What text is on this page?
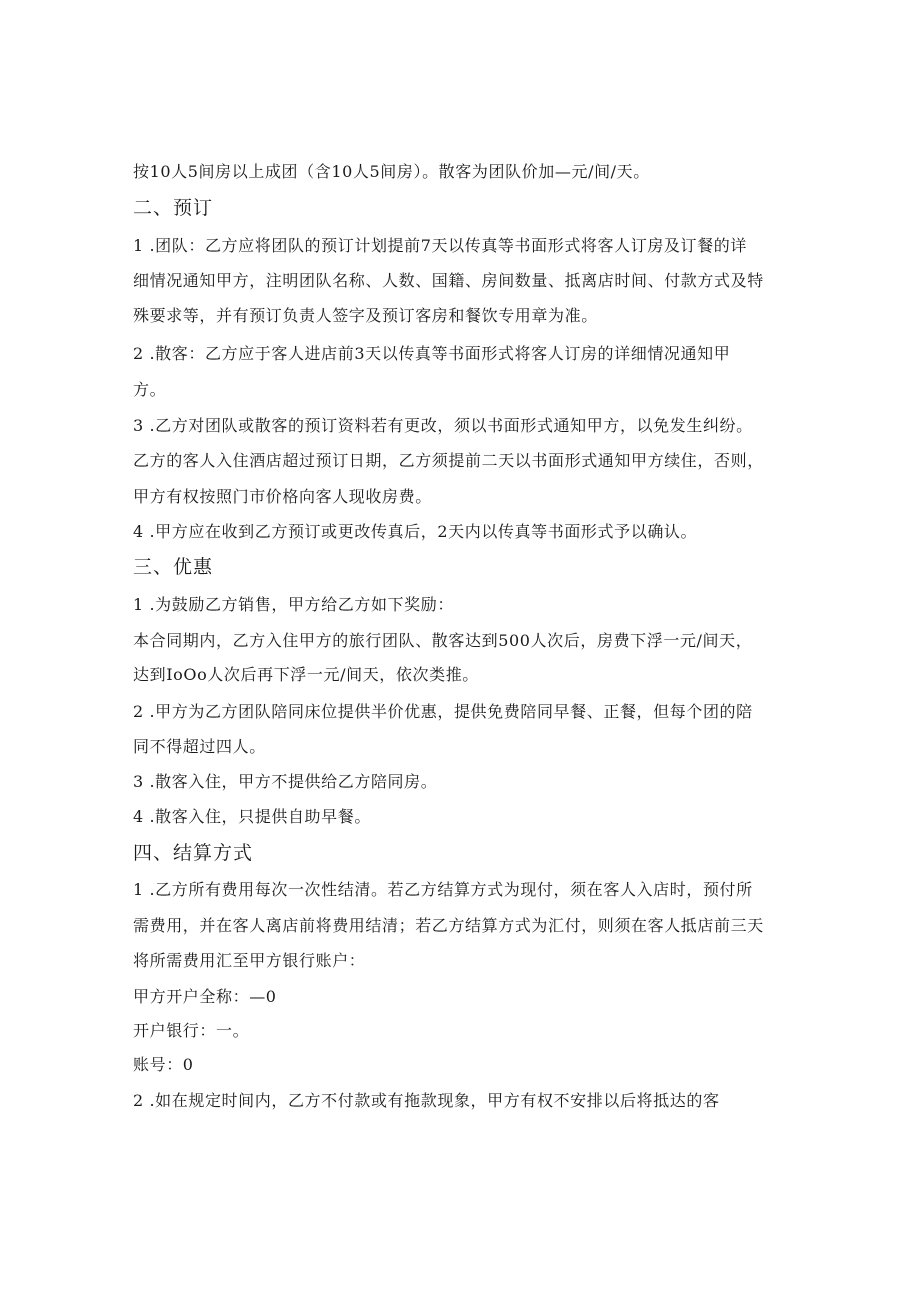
按10人5间房以上成团（含10人5间房）。散客为团队价加—元/间/天。
二、预订
1 .团队：乙方应将团队的预订计划提前7天以传真等书面形式将客人订房及订餐的详
细情况通知甲方，注明团队名称、人数、国籍、房间数量、抵离店时间、付款方式及特
殊要求等，并有预订负责人签字及预订客房和餐饮专用章为准。
2 .散客：乙方应于客人进店前3天以传真等书面形式将客人订房的详细情况通知甲
方。
3 .乙方对团队或散客的预订资料若有更改，须以书面形式通知甲方，以免发生纠纷。
乙方的客人入住酒店超过预订日期，乙方须提前二天以书面形式通知甲方续住，否则，
甲方有权按照门市价格向客人现收房费。
4 .甲方应在收到乙方预订或更改传真后，2天内以传真等书面形式予以确认。
三、优惠
1 .为鼓励乙方销售，甲方给乙方如下奖励：
本合同期内，乙方入住甲方的旅行团队、散客达到500人次后，房费下浮一元/间天，
达到IoOo人次后再下浮一元/间天，依次类推。
2 .甲方为乙方团队陪同床位提供半价优惠，提供免费陪同早餐、正餐，但每个团的陪
同不得超过四人。
3 .散客入住，甲方不提供给乙方陪同房。
4 .散客入住，只提供自助早餐。
四、结算方式
1 .乙方所有费用每次一次性结清。若乙方结算方式为现付，须在客人入店时，预付所
需费用，并在客人离店前将费用结清；若乙方结算方式为汇付，则须在客人抵店前三天
将所需费用汇至甲方银行账户：
甲方开户全称：—0
开户银行：一。
账号：0
2 .如在规定时间内，乙方不付款或有拖款现象，甲方有权不安排以后将抵达的客
